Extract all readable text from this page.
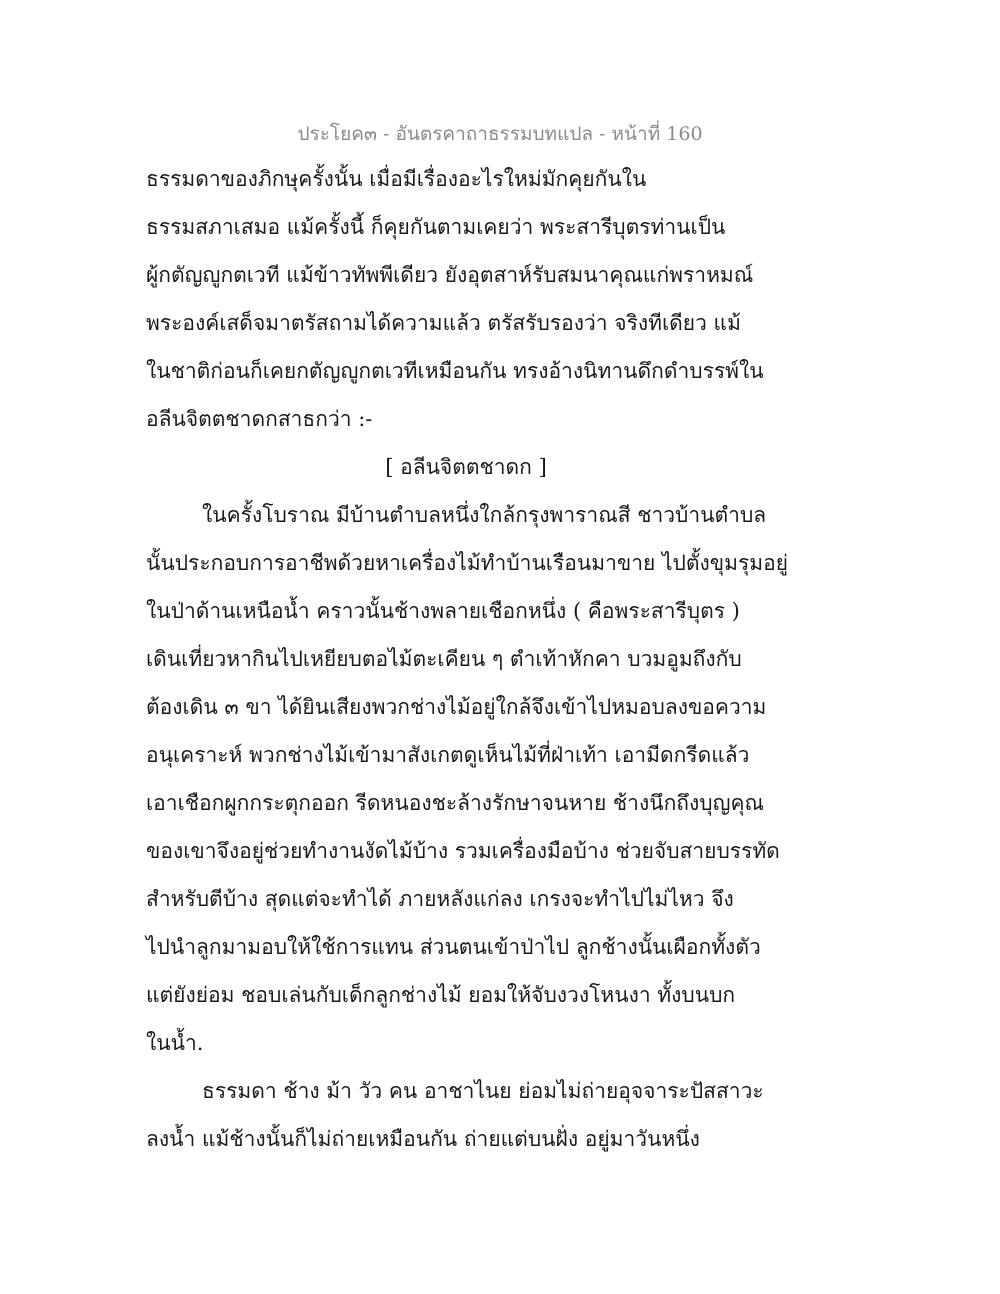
ประโยค๓ - อันตรคาถาธรรมบทแปล - หน้าที่ 160
ธรรมดาของภิกษุครั้งนั้น เมื่อมีเรื่องอะไรใหม่มักคุยกันใน
ธรรมสภาเสมอ แม้ครั้งนี้ ก็คุยกันตามเคยว่า พระสารีบุตรท่านเป็น
ผู้กตัญญูกตเวที แม้ข้าวทัพพีเดียว ยังอุตสาห์รับสมนาคุณแก่พราหมณ์
พระองค์เสด็จมาตรัสถามได้ความแล้ว ตรัสรับรองว่า จริงทีเดียว แม้
ในชาติก่อนก็เคยกตัญญูกตเวทีเหมือนกัน ทรงอ้างนิทานดึกดำบรรพ์ใน
อลีนจิตตชาดกสาธกว่า :-
[ อลีนจิตตชาดก ]
ในครั้งโบราณ มีบ้านตำบลหนึ่งใกล้กรุงพาราณสี ชาวบ้านตำบล
นั้นประกอบการอาชีพด้วยหาเครื่องไม้ทำบ้านเรือนมาขาย ไปตั้งขุมรุมอยู่
ในป่าด้านเหนือน้ำ คราวนั้นช้างพลายเชือกหนึ่ง ( คือพระสารีบุตร )
เดินเที่ยวหากินไปเหยียบตอไม้ตะเคียน ๆ ตำเท้าหักคา บวมอูมถึงกับ
ต้องเดิน ๓ ขา ได้ยินเสียงพวกช่างไม้อยู่ใกล้จึงเข้าไปหมอบลงขอความ
อนุเคราะห์ พวกช่างไม้เข้ามาสังเกตดูเห็นไม้ที่ฝ่าเท้า เอามีดกรีดแล้ว
เอาเชือกผูกกระตุกออก รีดหนองชะล้างรักษาจนหาย ช้างนึกถึงบุญคุณ
ของเขาจึงอยู่ช่วยทำงานงัดไม้บ้าง รวมเครื่องมือบ้าง ช่วยจับสายบรรทัด
สำหรับตีบ้าง สุดแต่จะทำได้ ภายหลังแก่ลง เกรงจะทำไปไม่ไหว จึง
ไปนำลูกมามอบให้ใช้การแทน ส่วนตนเข้าป่าไป ลูกช้างนั้นเผือกทั้งตัว
แต่ยังย่อม ชอบเล่นกับเด็กลูกช่างไม้ ยอมให้จับงวงโหนงา ทั้งบนบก
ในน้ำ.
ธรรมดา ช้าง ม้า วัว คน อาชาไนย ย่อมไม่ถ่ายอุจจาระปัสสาวะ
ลงน้ำ แม้ช้างนั้นก็ไม่ถ่ายเหมือนกัน ถ่ายแต่บนฝั่ง อยู่มาวันหนึ่ง
